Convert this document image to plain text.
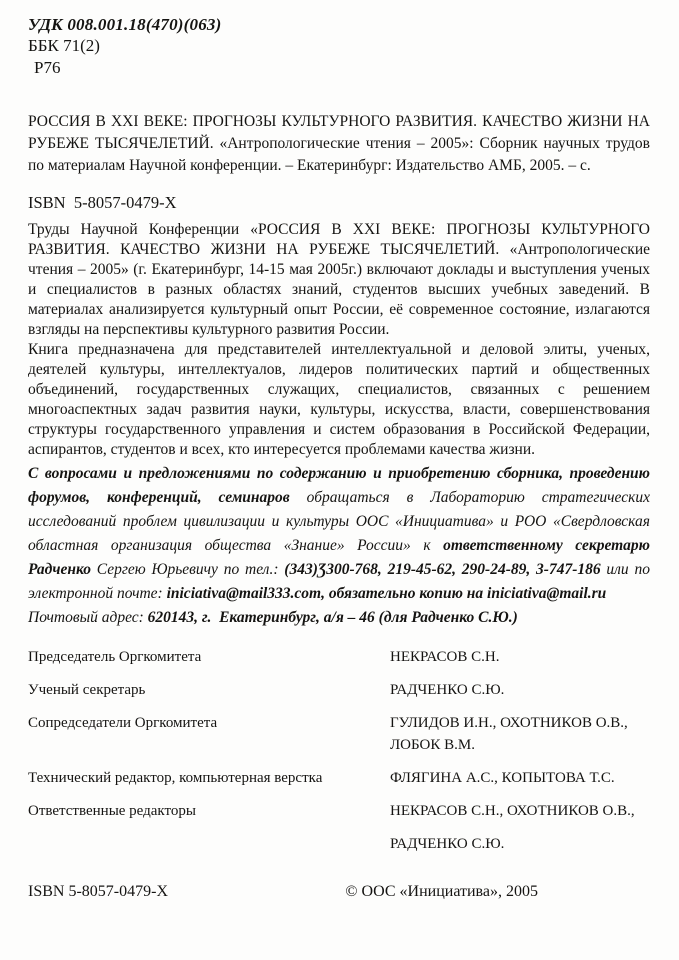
УДК 008.001.18(470)(063)
ББК 71(2)
Р76
РОССИЯ В XXI ВЕКЕ: ПРОГНОЗЫ КУЛЬТУРНОГО РАЗВИТИЯ. КАЧЕСТВО ЖИЗНИ НА РУБЕЖЕ ТЫСЯЧЕЛЕТИЙ. «Антропологические чтения – 2005»: Сборник научных трудов по материалам Научной конференции. – Екатеринбург: Издательство АМБ, 2005. – с.
ISBN  5-8057-0479-X

Труды Научной Конференции «РОССИЯ В XXI ВЕКЕ: ПРОГНОЗЫ КУЛЬТУРНОГО РАЗВИТИЯ. КАЧЕСТВО ЖИЗНИ НА РУБЕЖЕ ТЫСЯЧЕЛЕТИЙ. «Антропологические чтения – 2005» (г. Екатеринбург, 14-15 мая 2005г.) включают доклады и выступления ученых и специалистов в разных областях знаний, студентов высших учебных заведений. В материалах анализируется культурный опыт России, её современное состояние, излагаются взгляды на перспективы культурного развития России.

Книга предназначена для представителей интеллектуальной и деловой элиты, ученых, деятелей культуры, интеллектуалов, лидеров политических партий и общественных объединений, государственных служащих, специалистов, связанных с решением многоаспектных задач развития науки, культуры, искусства, власти, совершенствования структуры государственного управления и систем образования в Российской Федерации, аспирантов, студентов и всех, кто интересуется проблемами качества жизни.

С вопросами и предложениями по содержанию и приобретению сборника, проведению форумов, конференций, семинаров обращаться в Лабораторию стратегических исследований проблем цивилизации и культуры ООС «Инициатива» и РОО «Свердловская областная организация общества «Знание» России» к ответственному секретарю Радченко Сергею Юрьевичу по тел.: (343)Ʒ300-768, 219-45-62, 290-24-89, 3-747-186 или по электронной почте: iniciativa@mail333.com, обязательно копию на iniciativa@mail.ru
Почтовый адрес: 620143, г.  Екатеринбург, а/я – 46 (для Радченко С.Ю.)
Председатель Оргкомитета	НЕКРАСОВ С.Н.
Ученый секретарь	РАДЧЕНКО С.Ю.
Сопредседатели Оргкомитета	ГУЛИДОВ И.Н., ОХОТНИКОВ О.В., ЛОБОК В.М.
Технический редактор, компьютерная верстка	ФЛЯГИНА А.С., КОПЫТОВА Т.С.
Ответственные редакторы	НЕКРАСОВ С.Н., ОХОТНИКОВ О.В.,
РАДЧЕНКО С.Ю.
ISBN 5-8057-0479-X	© ООС «Инициатива», 2005
